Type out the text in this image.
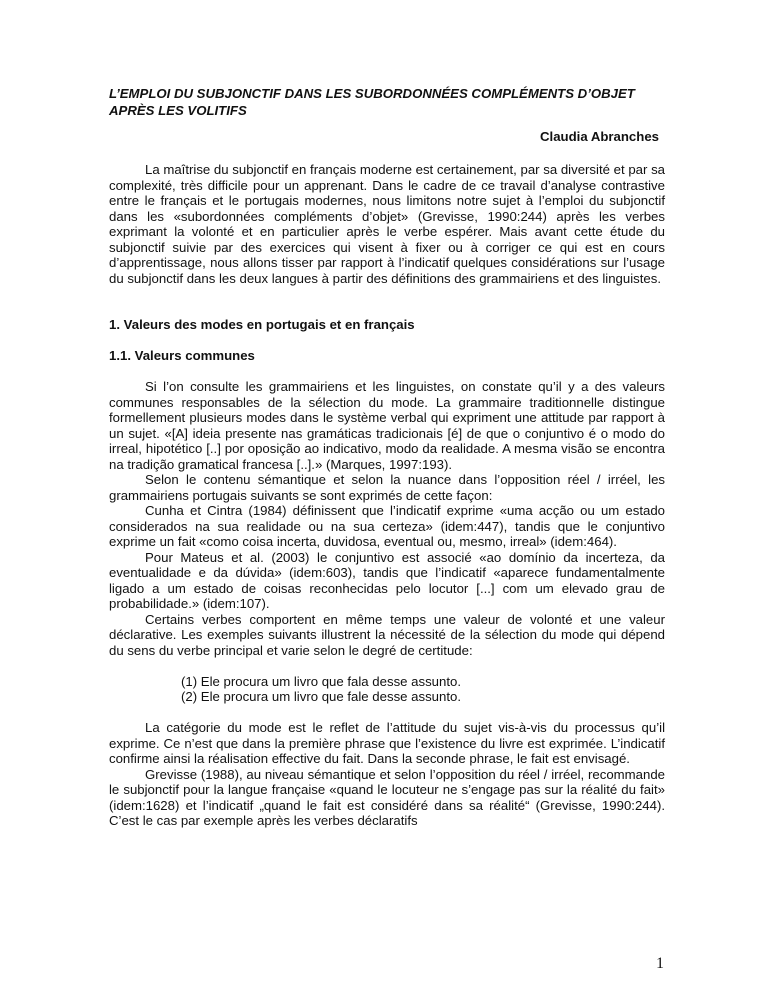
L’EMPLOI DU SUBJONCTIF DANS LES SUBORDONNÉES COMPLÉMENTS D’OBJET APRÈS LES VOLITIFS
Claudia Abranches

La maîtrise du subjonctif en français moderne est certainement, par sa diversité et par sa complexité, très difficile pour un apprenant. Dans le cadre de ce travail d’analyse contrastive entre le français et le portugais modernes, nous limitons notre sujet à l’emploi du subjonctif dans les «subordonnées compléments d’objet» (Grevisse, 1990:244) après les verbes exprimant la volonté et en particulier après le verbe espérer. Mais avant cette étude du subjonctif suivie par des exercices qui visent à fixer ou à corriger ce qui est en cours d’apprentissage, nous allons tisser par rapport à l’indicatif quelques considérations sur l’usage du subjonctif dans les deux langues à partir des définitions des grammairiens et des linguistes.

1. Valeurs des modes en portugais et en français
1.1. Valeurs communes

Si l’on consulte les grammairiens et les linguistes, on constate qu’il y a des valeurs communes responsables de la sélection du mode. La grammaire traditionnelle distingue formellement plusieurs modes dans le système verbal qui expriment une attitude par rapport à un sujet. «[A] ideia presente nas gramáticas tradicionais [é] de que o conjuntivo é o modo do irreal, hipotético [..] por oposição ao indicativo, modo da realidade. A mesma visão se encontra na tradição gramatical francesa [..].» (Marques, 1997:193).

Selon le contenu sémantique et selon la nuance dans l’opposition réel / irréel, les grammairiens portugais suivants se sont exprimés de cette façon:

Cunha et Cintra (1984) définissent que l’indicatif exprime «uma acção ou um estado considerados na sua realidade ou na sua certeza» (idem:447), tandis que le conjuntivo exprime un fait «como coisa incerta, duvidosa, eventual ou, mesmo, irreal» (idem:464).

Pour Mateus et al. (2003) le conjuntivo est associé «ao domínio da incerteza, da eventualidade e da dúvida» (idem:603), tandis que l’indicatif «aparece fundamentalmente ligado a um estado de coisas reconhecidas pelo locutor [...] com um elevado grau de probabilidade.» (idem:107).

Certains verbes comportent en même temps une valeur de volonté et une valeur déclarative. Les exemples suivants illustrent la nécessité de la sélection du mode qui dépend du sens du verbe principal et varie selon le degré de certitude:

(1) Ele procura um livro que fala desse assunto.

(2) Ele procura um livro que fale desse assunto.

La catégorie du mode est le reflet de l’attitude du sujet vis-à-vis du processus qu’il exprime. Ce n’est que dans la première phrase que l’existence du livre est exprimée. L’indicatif confirme ainsi la réalisation effective du fait. Dans la seconde phrase, le fait est envisagé.

Grevisse (1988), au niveau sémantique et selon l’opposition du réel / irréel, recommande le subjonctif pour la langue française «quand le locuteur ne s’engage pas sur la réalité du fait» (idem:1628) et l’indicatif „quand le fait est considéré dans sa réalité“ (Grevisse, 1990:244). C’est le cas par exemple après les verbes déclaratifs

1
